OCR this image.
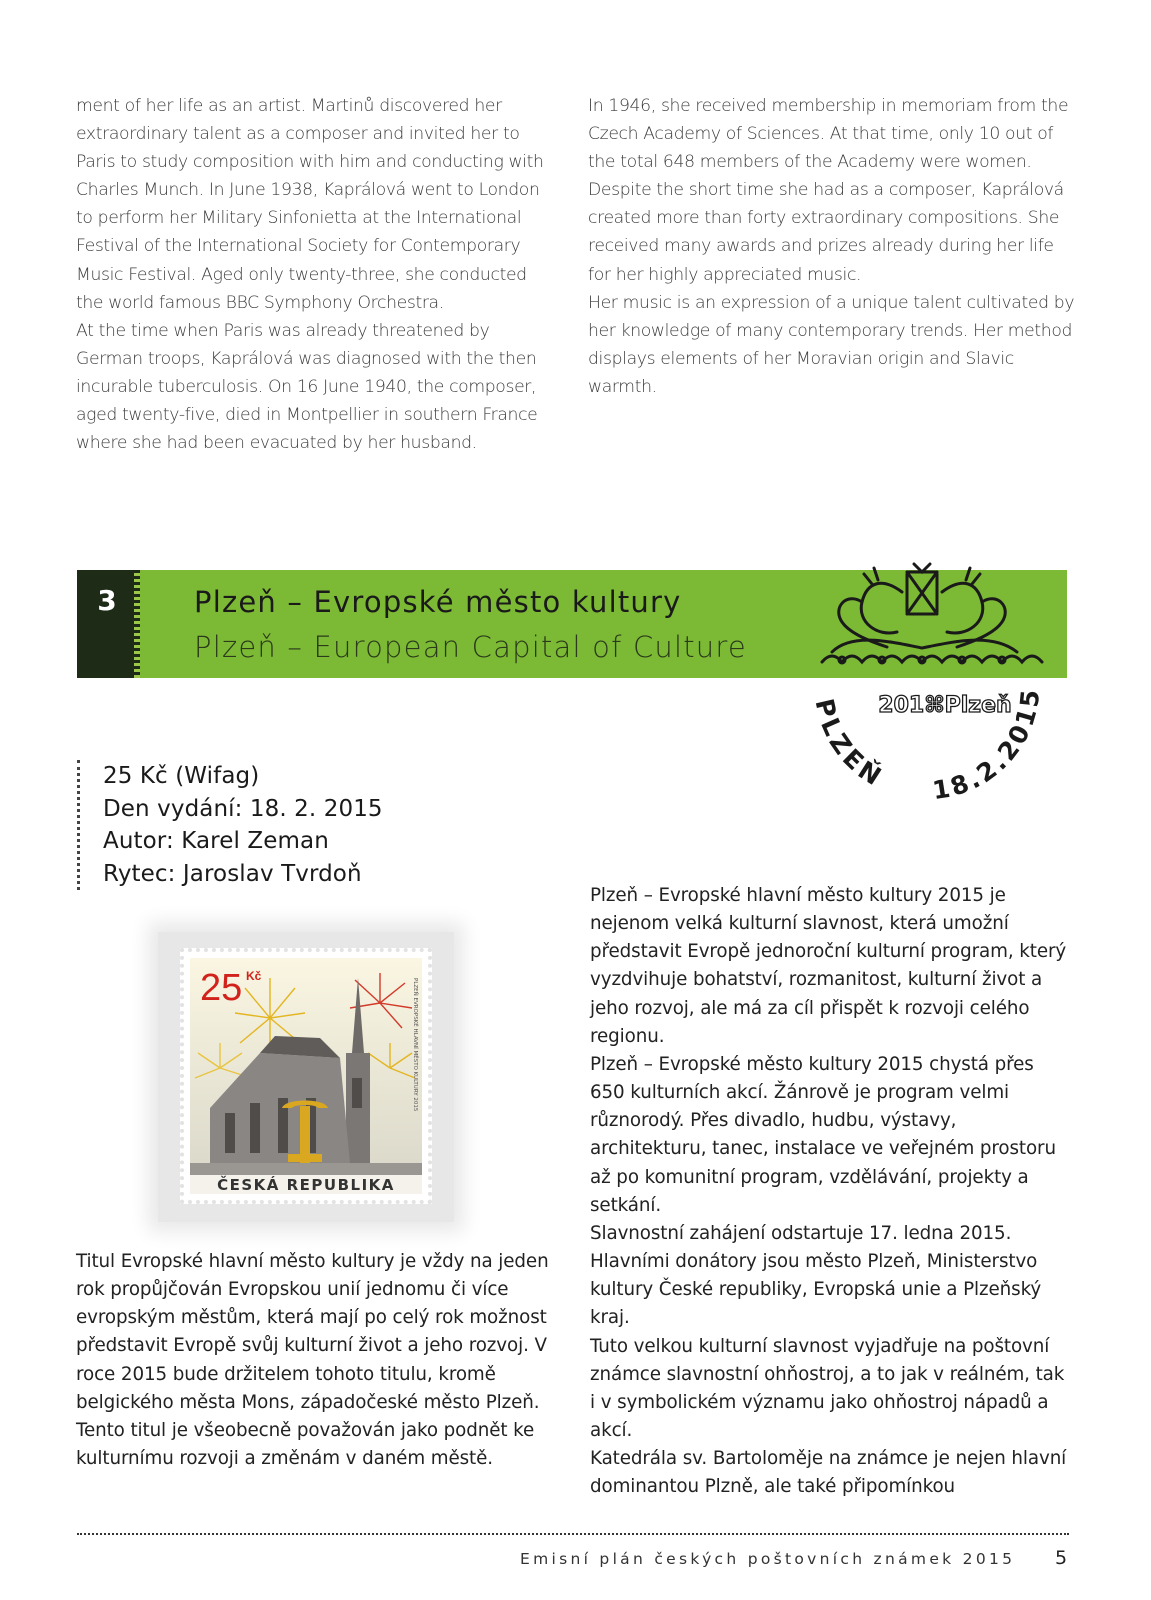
ment of her life as an artist. Martinů discovered her extraordinary talent as a composer and invited her to Paris to study composition with him and conducting with Charles Munch. In June 1938, Kaprálová went to London to perform her Military Sinfonietta at the International Festival of the International Society for Contemporary Music Festival. Aged only twenty-three, she conducted the world famous BBC Symphony Orchestra.

At the time when Paris was already threatened by German troops, Kaprálová was diagnosed with the then incurable tuberculosis. On 16 June 1940, the composer, aged twenty-five, died in Montpellier in southern France where she had been evacuated by her husband.

In 1946, she received membership in memoriam from the Czech Academy of Sciences. At that time, only 10 out of the total 648 members of the Academy were women. Despite the short time she had as a composer, Kaprálová created more than forty extraordinary compositions. She received many awards and prizes already during her life for her highly appreciated music.

Her music is an expression of a unique talent cultivated by her knowledge of many contemporary trends. Her method displays elements of her Moravian origin and Slavic warmth.

3	Plzeň – Evropské město kultury
Plzeň – European Capital of Culture
201⌘Plzeň
PLZEŇ 18.2.2015
25 Kč (Wifag)
Den vydání: 18. 2. 2015
Autor: Karel Zeman
Rytec: Jaroslav Tvrdoň
25 Kč
PLZEŇ EVROPSKÉ HLAVNÍ MĚSTO KULTURY 2015
ČESKÁ REPUBLIKA

Titul Evropské hlavní město kultury je vždy na jeden rok propůjčován Evropskou unií jednomu či více evropským městům, která mají po celý rok možnost představit Evropě svůj kulturní život a jeho rozvoj. V roce 2015 bude držitelem tohoto titulu, kromě belgického města Mons, západočeské město Plzeň. Tento titul je všeobecně považován jako podnět ke kulturnímu rozvoji a změnám v daném městě.

Plzeň – Evropské hlavní město kultury 2015 je nejenom velká kulturní slavnost, která umožní představit Evropě jednoroční kulturní program, který vyzdvihuje bohatství, rozmanitost, kulturní život a jeho rozvoj, ale má za cíl přispět k rozvoji celého regionu.

Plzeň – Evropské město kultury 2015 chystá přes 650 kulturních akcí. Žánrově je program velmi různorodý. Přes divadlo, hudbu, výstavy, architekturu, tanec, instalace ve veřejném prostoru až po komunitní program, vzdělávání, projekty a setkání.

Slavnostní zahájení odstartuje 17. ledna 2015. Hlavními donátory jsou město Plzeň, Ministerstvo kultury České republiky, Evropská unie a Plzeňský kraj.

Tuto velkou kulturní slavnost vyjadřuje na poštovní známce slavnostní ohňostroj, a to jak v reálném, tak i v symbolickém významu jako ohňostroj nápadů a akcí.

Katedrála sv. Bartoloměje na známce je nejen hlavní dominantou Plzně, ale také připomínkou

Emisní plán českých poštovních známek 2015 5
